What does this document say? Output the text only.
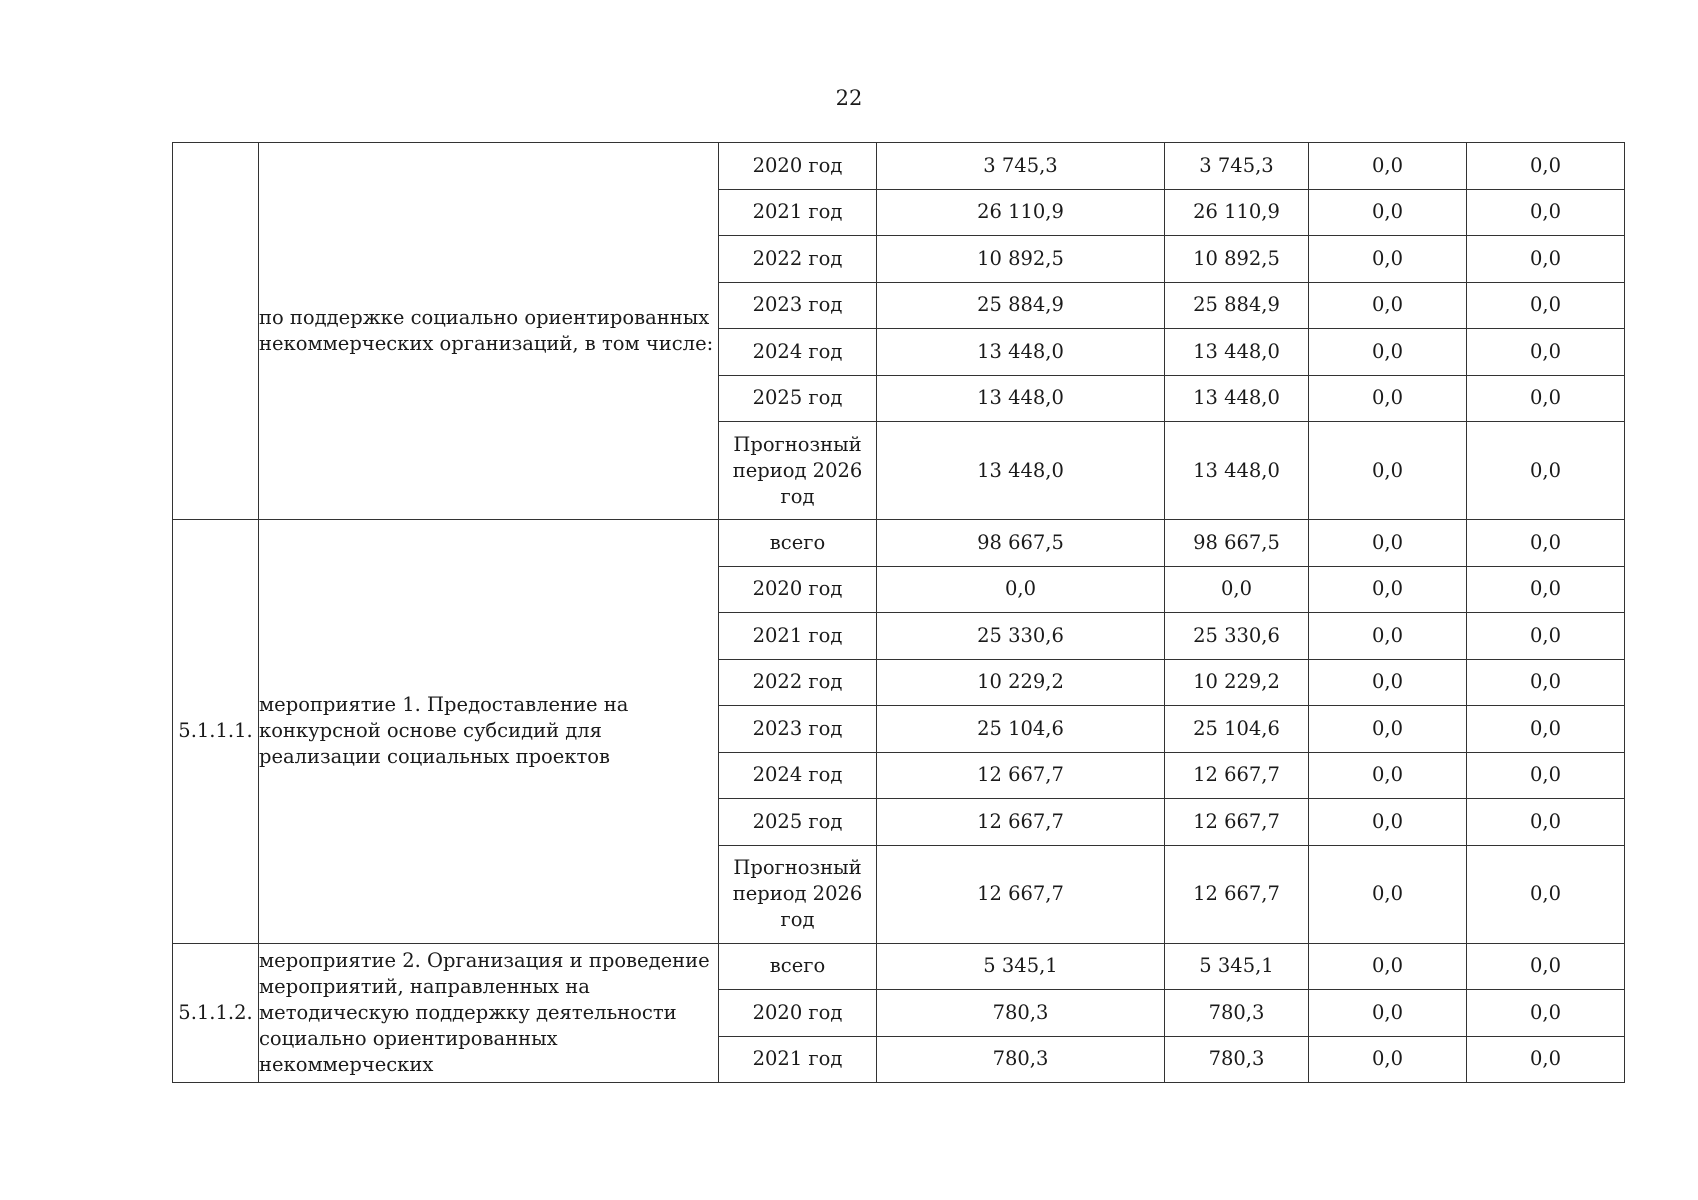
22
	по поддержке социально ориентированных некоммерческих организаций, в том числе:	2020 год	3 745,3	3 745,3	0,0	0,0
		2021 год	26 110,9	26 110,9	0,0	0,0
		2022 год	10 892,5	10 892,5	0,0	0,0
		2023 год	25 884,9	25 884,9	0,0	0,0
		2024 год	13 448,0	13 448,0	0,0	0,0
		2025 год	13 448,0	13 448,0	0,0	0,0
		Прогнозный период 2026 год	13 448,0	13 448,0	0,0	0,0
5.1.1.1.	мероприятие 1. Предоставление на конкурсной основе субсидий для реализации социальных проектов	всего	98 667,5	98 667,5	0,0	0,0
		2020 год	0,0	0,0	0,0	0,0
		2021 год	25 330,6	25 330,6	0,0	0,0
		2022 год	10 229,2	10 229,2	0,0	0,0
		2023 год	25 104,6	25 104,6	0,0	0,0
		2024 год	12 667,7	12 667,7	0,0	0,0
		2025 год	12 667,7	12 667,7	0,0	0,0
		Прогнозный период 2026 год	12 667,7	12 667,7	0,0	0,0
5.1.1.2.	мероприятие 2. Организация и проведение мероприятий, направленных на методическую поддержку деятельности социально ориентированных некоммерческих	всего	5 345,1	5 345,1	0,0	0,0
		2020 год	780,3	780,3	0,0	0,0
		2021 год	780,3	780,3	0,0	0,0
